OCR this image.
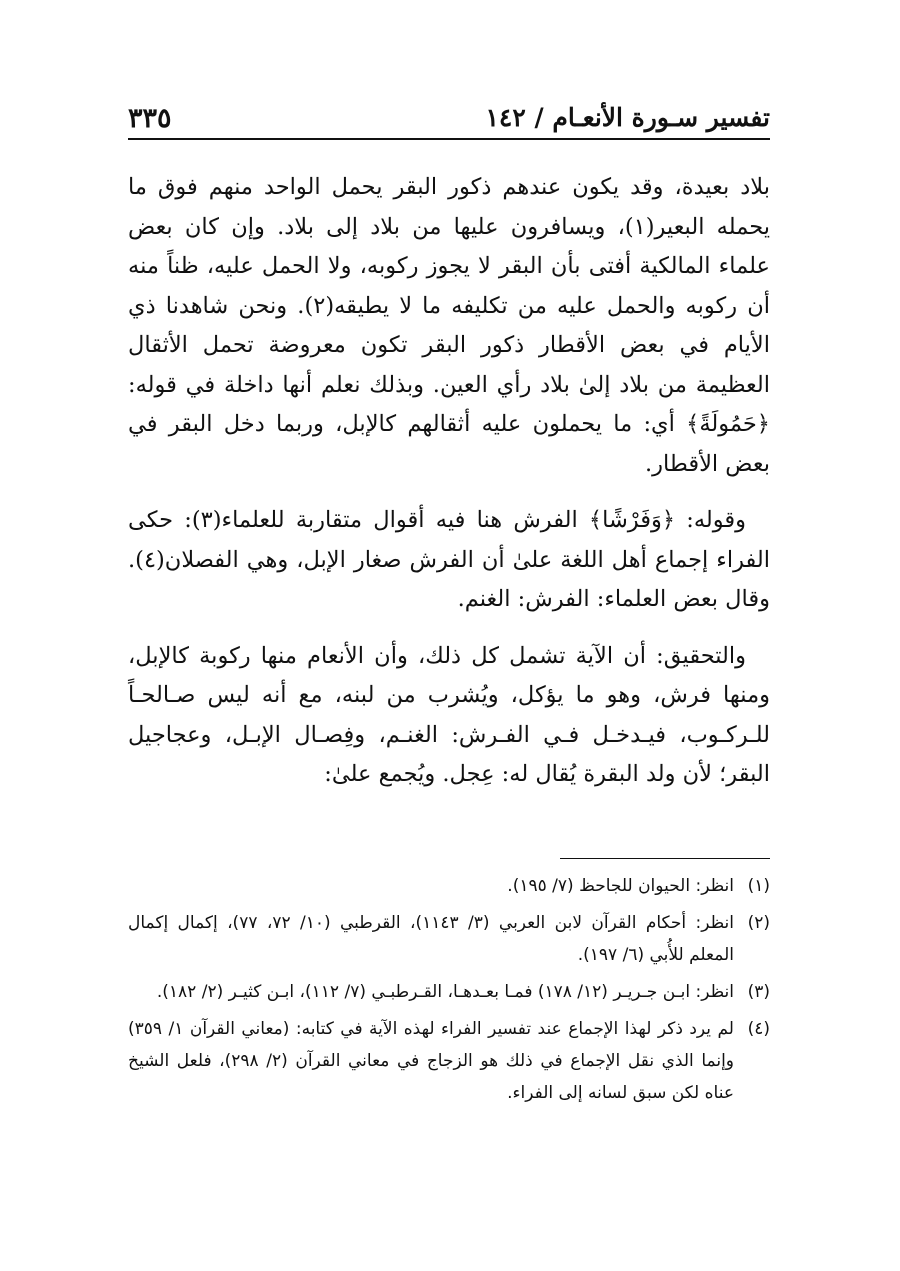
تفسير سـورة الأنعـام / ١٤٢
٣٣٥

بلاد بعيدة، وقد يكون عندهم ذكور البقر يحمل الواحد منهم فوق ما يحمله البعير(١)، ويسافرون عليها من بلاد إلى بلاد. وإن كان بعض علماء المالكية أفتى بأن البقر لا يجوز ركوبه، ولا الحمل عليه، ظناً منه أن ركوبه والحمل عليه من تكليفه ما لا يطيقه(٢). ونحن شاهدنا ذي الأيام في بعض الأقطار ذكور البقر تكون معروضة تحمل الأثقال العظيمة من بلاد إلىٰ بلاد رأي العين. وبذلك نعلم أنها داخلة في قوله: ﴿حَمُولَةً﴾ أي: ما يحملون عليه أثقالهم كالإبل، وربما دخل البقر في بعض الأقطار.

وقوله: ﴿وَفَرْشًا﴾ الفرش هنا فيه أقوال متقاربة للعلماء(٣): حكى الفراء إجماع أهل اللغة علىٰ أن الفرش صغار الإبل، وهي الفصلان(٤). وقال بعض العلماء: الفرش: الغنم.

والتحقيق: أن الآية تشمل كل ذلك، وأن الأنعام منها ركوبة كالإبل، ومنها فرش، وهو ما يؤكل، ويُشرب من لبنه، مع أنه ليس صـالحـاً للـركـوب، فيـدخـل فـي الفـرش: الغنـم، وفِصـال الإبـل، وعجاجيل البقر؛ لأن ولد البقرة يُقال له: عِجل. ويُجمع علىٰ:

(١)
انظر: الحيوان للجاحظ (٧/ ١٩٥).
(٢)
انظر: أحكام القرآن لابن العربي (٣/ ١١٤٣)، القرطبي (١٠/ ٧٢، ٧٧)، إكمال إكمال المعلم للأُبي (٦/ ١٩٧).
(٣)
انظر: ابـن جـريـر (١٢/ ١٧٨) فمـا بعـدهـا، القـرطبـي (٧/ ١١٢)، ابـن كثيـر (٢/ ١٨٢).
(٤)
لم يرد ذكر لهذا الإجماع عند تفسير الفراء لهذه الآية في كتابه: (معاني القرآن ١/ ٣٥٩) وإنما الذي نقل الإجماع في ذلك هو الزجاج في معاني القرآن (٢/ ٢٩٨)، فلعل الشيخ عناه لكن سبق لسانه إلى الفراء.
